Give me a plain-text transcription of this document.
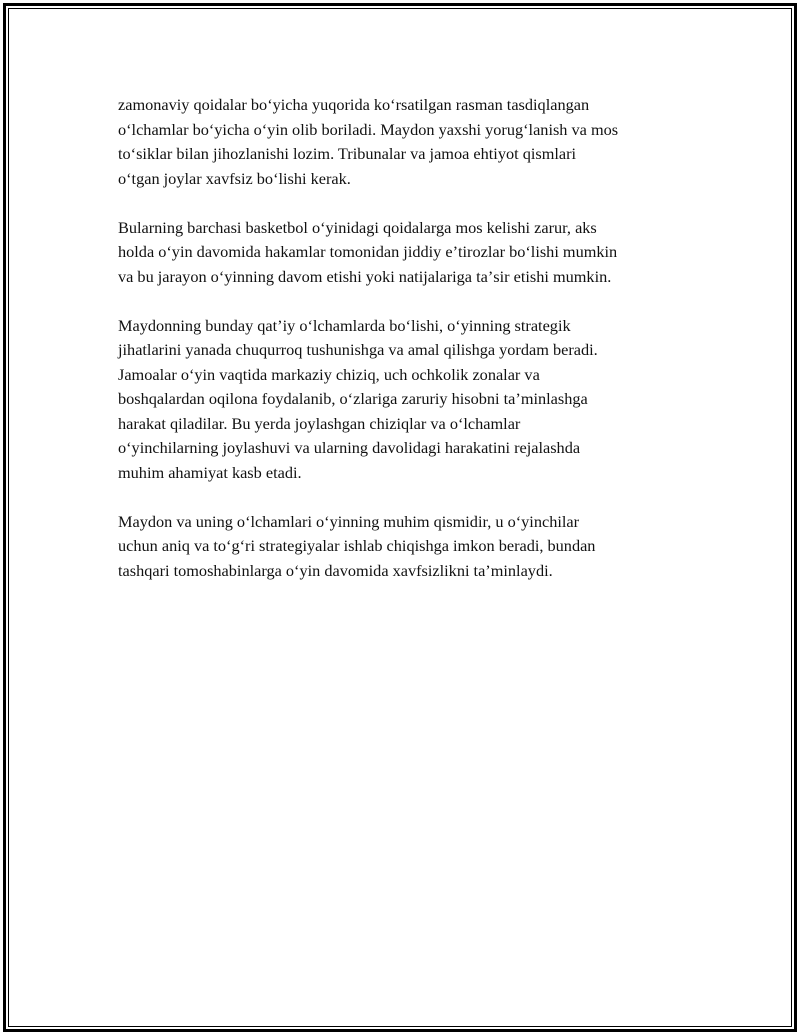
zamonaviy qoidalar boʻyicha yuqorida koʻrsatilgan rasman tasdiqlangan
oʻlchamlar boʻyicha oʻyin olib boriladi. Maydon yaxshi yorugʻlanish va mos
toʻsiklar bilan jihozlanishi lozim. Tribunalar va jamoa ehtiyot qismlari
oʻtgan joylar xavfsiz boʻlishi kerak.

Bularning barchasi basketbol oʻyinidagi qoidalarga mos kelishi zarur, aks
holda oʻyin davomida hakamlar tomonidan jiddiy eʼtirozlar boʻlishi mumkin
va bu jarayon oʻyinning davom etishi yoki natijalariga taʼsir etishi mumkin.

Maydonning bunday qatʼiy oʻlchamlarda boʻlishi, oʻyinning strategik
jihatlarini yanada chuqurroq tushunishga va amal qilishga yordam beradi.
Jamoalar oʻyin vaqtida markaziy chiziq, uch ochkolik zonalar va
boshqalardan oqilona foydalanib, oʻzlariga zaruriy hisobni taʼminlashga
harakat qiladilar. Bu yerda joylashgan chiziqlar va oʻlchamlar
oʻyinchilarning joylashuvi va ularning davolidagi harakatini rejalashda
muhim ahamiyat kasb etadi.

Maydon va uning oʻlchamlari oʻyinning muhim qismidir, u oʻyinchilar
uchun aniq va toʻgʻri strategiyalar ishlab chiqishga imkon beradi, bundan
tashqari tomoshabinlarga oʻyin davomida xavfsizlikni taʼminlaydi.
